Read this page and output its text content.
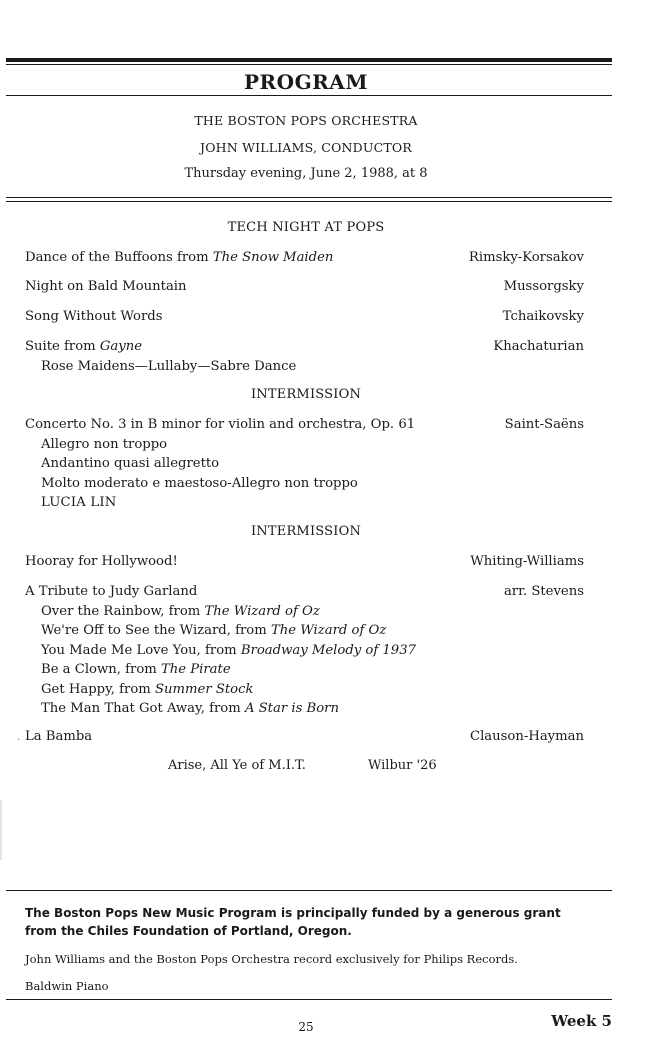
PROGRAM
THE BOSTON POPS ORCHESTRA
JOHN WILLIAMS, CONDUCTOR
Thursday evening, June 2, 1988, at 8
TECH NIGHT AT POPS
Dance of the Buffoons from The Snow Maiden	Rimsky-Korsakov
Night on Bald Mountain	Mussorgsky
Song Without Words	Tchaikovsky
Suite from Gayne	Khachaturian
Rose Maidens—Lullaby—Sabre Dance
INTERMISSION
Concerto No. 3 in B minor for violin and orchestra, Op. 61	Saint-Saëns
Allegro non troppo
Andantino quasi allegretto
Molto moderato e maestoso-Allegro non troppo
LUCIA LIN
INTERMISSION
Hooray for Hollywood!	Whiting-Williams
A Tribute to Judy Garland	arr. Stevens
Over the Rainbow, from The Wizard of Oz
We're Off to See the Wizard, from The Wizard of Oz
You Made Me Love You, from Broadway Melody of 1937
Be a Clown, from The Pirate
Get Happy, from Summer Stock
The Man That Got Away, from A Star is Born
La Bamba	Clauson-Hayman
Arise, All Ye of M.I.T.	Wilbur '26
.
The Boston Pops New Music Program is principally funded by a generous grant
from the Chiles Foundation of Portland, Oregon.
John Williams and the Boston Pops Orchestra record exclusively for Philips Records.
Baldwin Piano
25	Week 5
